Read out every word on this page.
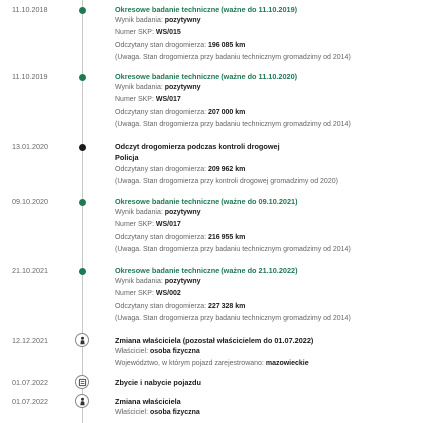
11.10.2018	Okresowe badanie techniczne (ważne do 11.10.2019)
Wynik badania: pozytywny
Numer SKP: WS/015
Odczytany stan drogomierza: 196 085 km
(Uwaga. Stan drogomierza przy badaniu technicznym gromadzimy od 2014)
11.10.2019	Okresowe badanie techniczne (ważne do 11.10.2020)
Wynik badania: pozytywny
Numer SKP: WS/017
Odczytany stan drogomierza: 207 000 km
(Uwaga. Stan drogomierza przy badaniu technicznym gromadzimy od 2014)
13.01.2020	Odczyt drogomierza podczas kontroli drogowej
Policja
Odczytany stan drogomierza: 209 962 km
(Uwaga. Stan drogomierza przy kontroli drogowej gromadzimy od 2020)
09.10.2020	Okresowe badanie techniczne (ważne do 09.10.2021)
Wynik badania: pozytywny
Numer SKP: WS/017
Odczytany stan drogomierza: 216 955 km
(Uwaga. Stan drogomierza przy badaniu technicznym gromadzimy od 2014)
21.10.2021	Okresowe badanie techniczne (ważne do 21.10.2022)
Wynik badania: pozytywny
Numer SKP: WS/002
Odczytany stan drogomierza: 227 328 km
(Uwaga. Stan drogomierza przy badaniu technicznym gromadzimy od 2014)
12.12.2021	Zmiana właściciela (pozostał właścicielem do 01.07.2022)
Właściciel: osoba fizyczna
Województwo, w którym pojazd zarejestrowano: mazowieckie
01.07.2022	Zbycie i nabycie pojazdu
01.07.2022	Zmiana właściciela
Właściciel: osoba fizyczna
